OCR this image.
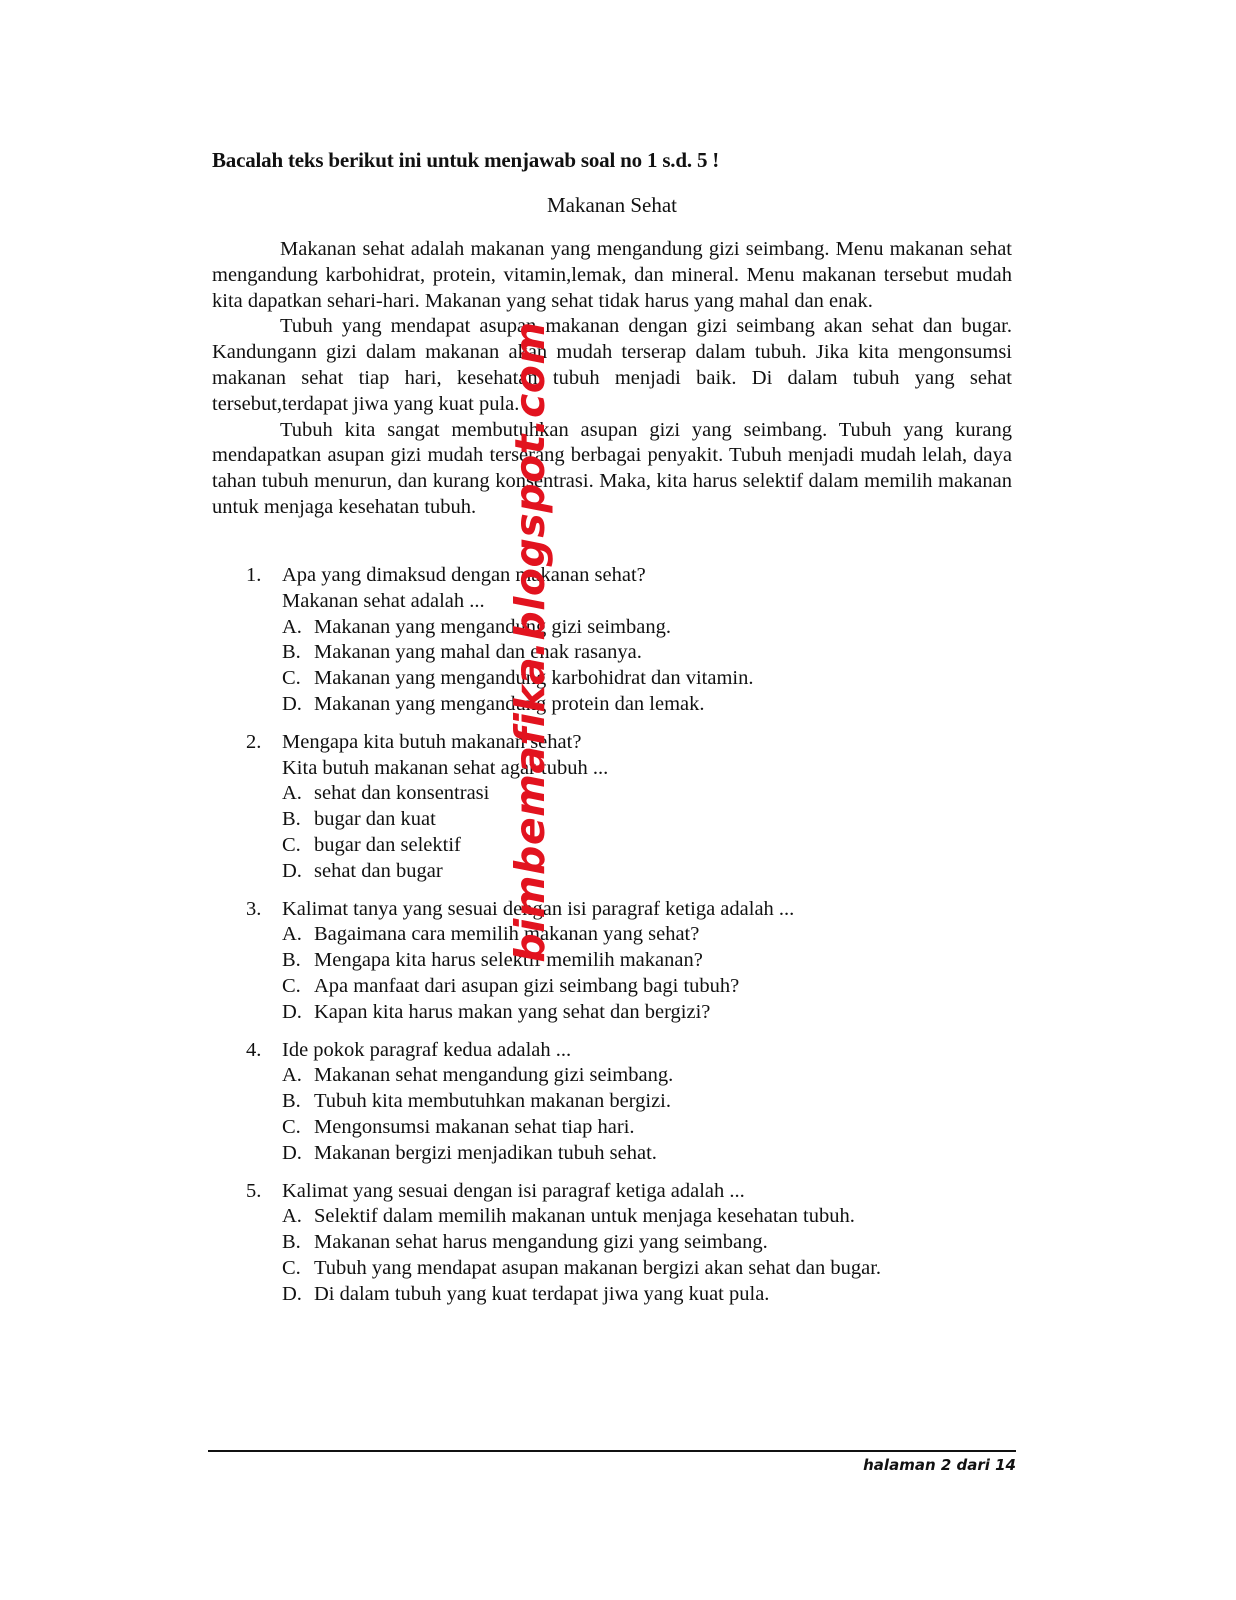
Bacalah teks berikut ini untuk menjawab soal no 1 s.d. 5 !
Makanan Sehat

Makanan sehat adalah makanan yang mengandung gizi seimbang. Menu makanan sehat mengandung karbohidrat, protein, vitamin,lemak, dan mineral. Menu makanan tersebut mudah kita dapatkan sehari-hari. Makanan yang sehat tidak harus yang mahal dan enak.

Tubuh yang mendapat asupan makanan dengan gizi seimbang akan sehat dan bugar. Kandungann gizi dalam makanan akan mudah terserap dalam tubuh. Jika kita mengonsumsi makanan sehat tiap hari, kesehatan tubuh menjadi baik. Di dalam tubuh yang sehat tersebut,terdapat jiwa yang kuat pula.

Tubuh kita sangat membutuhkan asupan gizi yang seimbang. Tubuh yang kurang mendapatkan asupan gizi mudah terserang berbagai penyakit. Tubuh menjadi mudah lelah, daya tahan tubuh menurun, dan kurang konsentrasi. Maka, kita harus selektif dalam memilih makanan untuk menjaga kesehatan tubuh.

1.	Apa yang dimaksud dengan makanan sehat?
Makanan sehat adalah ...
A. Makanan yang mengandung gizi seimbang.
B. Makanan yang mahal dan enak rasanya.
C. Makanan yang mengandung karbohidrat dan vitamin.
D. Makanan yang mengandung protein dan lemak.
2.	Mengapa kita butuh makanan sehat?
Kita butuh makanan sehat agar tubuh ...
A. sehat dan konsentrasi
B. bugar dan kuat
C. bugar dan selektif
D. sehat dan bugar
3.	Kalimat tanya yang sesuai dengan isi paragraf ketiga adalah ...
A. Bagaimana cara memilih makanan yang sehat?
B. Mengapa kita harus selektif memilih makanan?
C. Apa manfaat dari asupan gizi seimbang bagi tubuh?
D. Kapan kita harus makan yang sehat dan bergizi?
4.	Ide pokok paragraf kedua adalah ...
A. Makanan sehat mengandung gizi seimbang.
B. Tubuh kita membutuhkan makanan bergizi.
C. Mengonsumsi makanan sehat tiap hari.
D. Makanan bergizi menjadikan tubuh sehat.
5.	Kalimat yang sesuai dengan isi paragraf ketiga adalah ...
A. Selektif dalam memilih makanan untuk menjaga kesehatan tubuh.
B. Makanan sehat harus mengandung gizi yang seimbang.
C. Tubuh yang mendapat asupan makanan bergizi akan sehat dan bugar.
D. Di dalam tubuh yang kuat terdapat jiwa yang kuat pula.
bimbemafika.blogspot.com
halaman 2 dari 14
